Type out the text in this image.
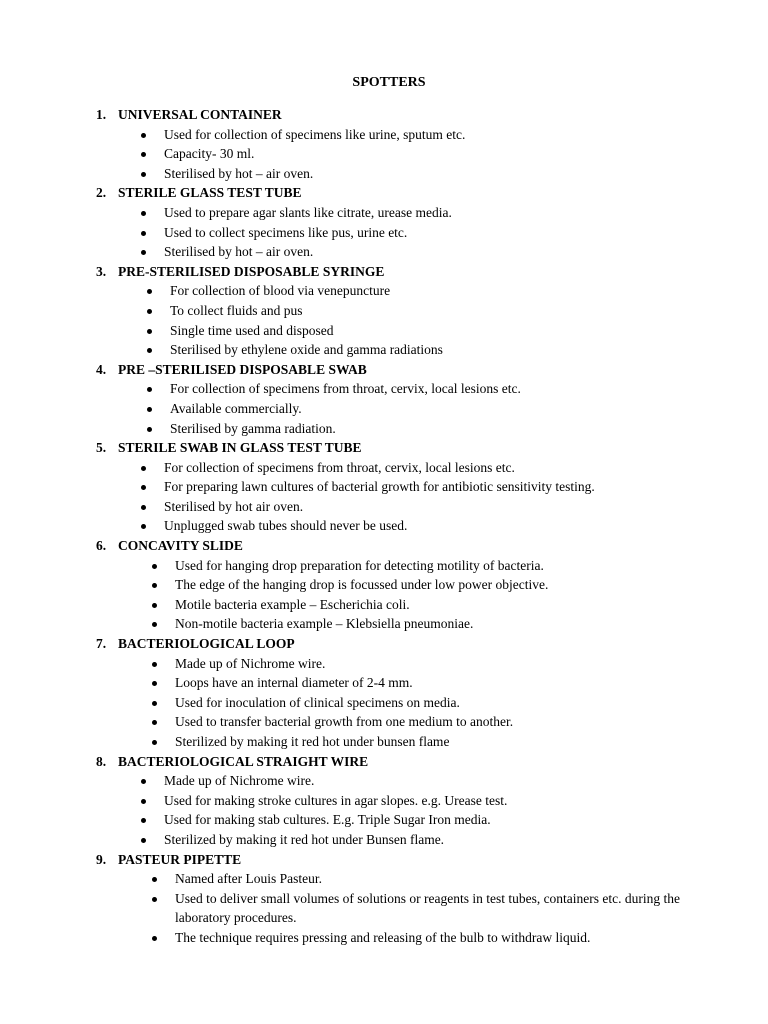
SPOTTERS
1. UNIVERSAL CONTAINER
Used for collection of specimens like urine, sputum etc.
Capacity- 30 ml.
Sterilised by hot – air oven.
2. STERILE GLASS TEST TUBE
Used to prepare agar slants like citrate, urease media.
Used to collect specimens like pus, urine etc.
Sterilised by hot – air oven.
3. PRE-STERILISED DISPOSABLE SYRINGE
For collection of blood via venepuncture
To collect fluids and pus
Single time used and disposed
Sterilised by ethylene oxide and gamma radiations
4. PRE –STERILISED DISPOSABLE SWAB
For collection of specimens from throat, cervix, local lesions etc.
Available commercially.
Sterilised by gamma radiation.
5. STERILE SWAB IN GLASS TEST TUBE
For collection of specimens from throat, cervix, local lesions etc.
For preparing lawn cultures of bacterial growth for antibiotic sensitivity testing.
Sterilised by hot air oven.
Unplugged swab tubes should never be used.
6. CONCAVITY SLIDE
Used for hanging drop preparation for detecting motility of bacteria.
The edge of the hanging drop is focussed under low power objective.
Motile bacteria example – Escherichia coli.
Non-motile bacteria example – Klebsiella pneumoniae.
7. BACTERIOLOGICAL LOOP
Made up of Nichrome wire.
Loops have an internal diameter of 2-4 mm.
Used for inoculation of clinical specimens on media.
Used to transfer bacterial growth from one medium to another.
Sterilized by making it red hot under bunsen flame
8. BACTERIOLOGICAL STRAIGHT WIRE
Made up of Nichrome wire.
Used for making stroke cultures in agar slopes. e.g. Urease test.
Used for making stab cultures. E.g. Triple Sugar Iron media.
Sterilized by making it red hot under Bunsen flame.
9. PASTEUR PIPETTE
Named after Louis Pasteur.
Used to deliver small volumes of solutions or reagents in test tubes, containers etc. during the laboratory procedures.
The technique requires pressing and releasing of the bulb to withdraw liquid.
